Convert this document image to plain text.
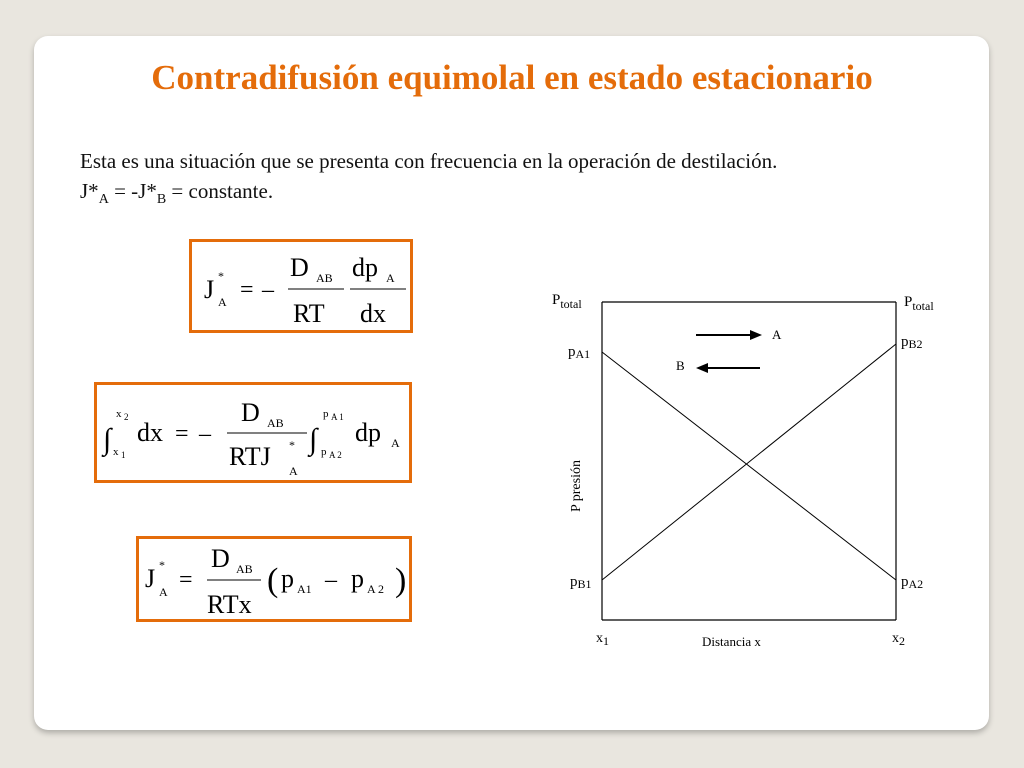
Contradifusión equimolal en estado estacionario
Esta es una situación que se presenta con frecuencia en la operación de destilación.
$J*_A = -J*_B$ = constante.
J *
A = –
D AB
RT
dp A
dx
∫
x 2
x 1
dx = –
D AB
RTJ *
A
∫
p A 1
p A 2
dp A
J *
A =
D AB
RTx
( p A1 – p A 2 )
A
B
$P_{total}$
pA1
pB1
$P_{total}$
pB2
pA2
P presión
Distancia x
x1	x2
